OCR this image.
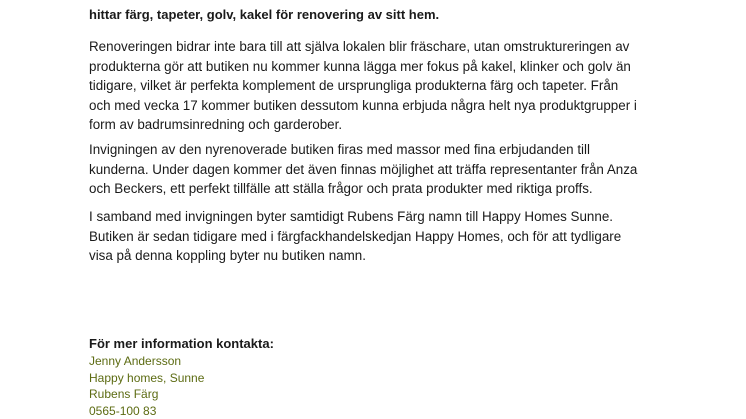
hittar färg, tapeter, golv, kakel för renovering av sitt hem.

Renoveringen bidrar inte bara till att själva lokalen blir fräschare, utan omstruktureringen av
produkterna gör att butiken nu kommer kunna lägga mer fokus på kakel, klinker och golv än
tidigare, vilket är perfekta komplement de ursprungliga produkterna färg och tapeter. Från
och med vecka 17 kommer butiken dessutom kunna erbjuda några helt nya produktgrupper i
form av badrumsinredning och garderober.
Invigningen av den nyrenoverade butiken firas med massor med fina erbjudanden till
kunderna. Under dagen kommer det även finnas möjlighet att träffa representanter från Anza
och Beckers, ett perfekt tillfälle att ställa frågor och prata produkter med riktiga proffs.
I samband med invigningen byter samtidigt Rubens Färg namn till Happy Homes Sunne.
Butiken är sedan tidigare med i färgfackhandelskedjan Happy Homes, och för att tydligare
visa på denna koppling byter nu butiken namn.

För mer information kontakta:

Jenny Andersson
Happy homes, Sunne
Rubens Färg
0565-100 83
